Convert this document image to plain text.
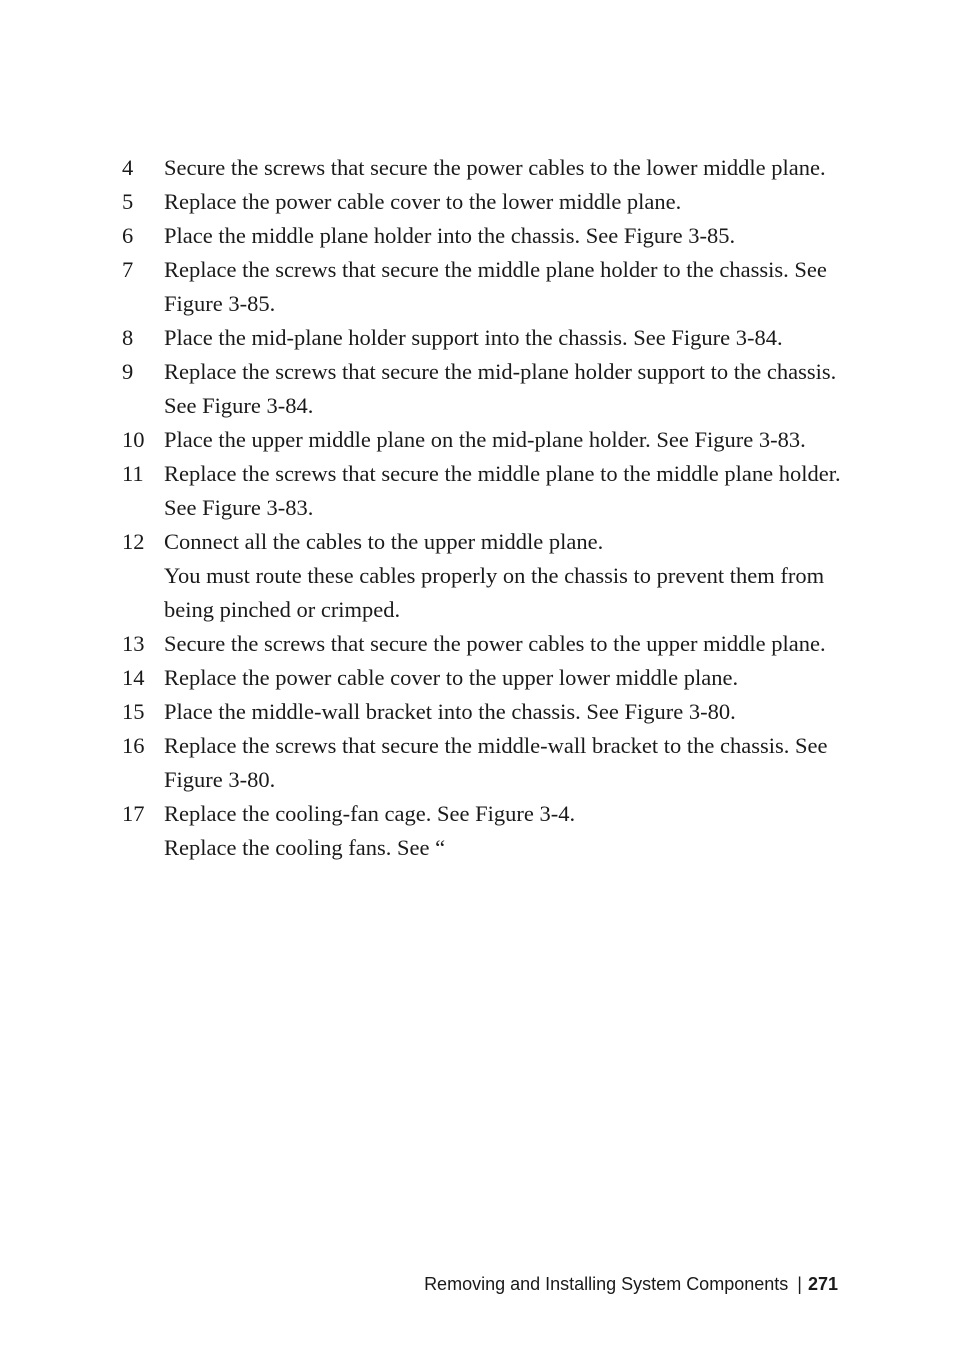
4 Secure the screws that secure the power cables to the lower middle plane.
5 Replace the power cable cover to the lower middle plane.
6 Place the middle plane holder into the chassis. See Figure 3-85.
7 Replace the screws that secure the middle plane holder to the chassis. See Figure 3-85.
8 Place the mid-plane holder support into the chassis. See Figure 3-84.
9 Replace the screws that secure the mid-plane holder support to the chassis. See Figure 3-84.
10 Place the upper middle plane on the mid-plane holder. See Figure 3-83.
11 Replace the screws that secure the middle plane to the middle plane holder. See Figure 3-83.
12 Connect all the cables to the upper middle plane.
You must route these cables properly on the chassis to prevent them from being pinched or crimped.
13 Secure the screws that secure the power cables to the upper middle plane.
14 Replace the power cable cover to the upper lower middle plane.
15 Place the middle-wall bracket into the chassis. See Figure 3-80.
16 Replace the screws that secure the middle-wall bracket to the chassis. See Figure 3-80.
17 Replace the cooling-fan cage. See Figure 3-4.
Replace the cooling fans. See “
Removing and Installing System Components | 271
